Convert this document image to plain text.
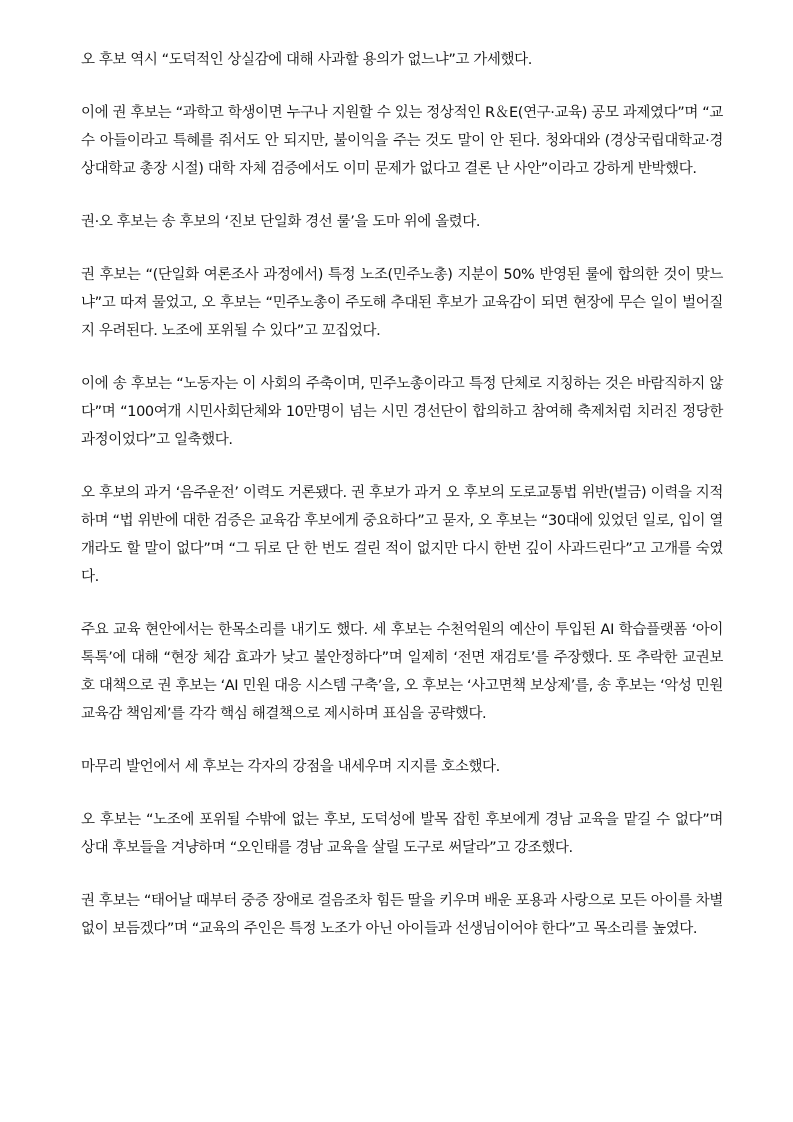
오 후보 역시 “도덕적인 상실감에 대해 사과할 용의가 없느냐”고 가세했다.

이에 권 후보는 “과학고 학생이면 누구나 지원할 수 있는 정상적인 R＆E(연구·교육) 공모 과제였다”며 “교수 아들이라고 특혜를 줘서도 안 되지만, 불이익을 주는 것도 말이 안 된다. 청와대와 (경상국립대학교·경상대학교 총장 시절) 대학 자체 검증에서도 이미 문제가 없다고 결론 난 사안”이라고 강하게 반박했다.

권·오 후보는 송 후보의 ‘진보 단일화 경선 룰’을 도마 위에 올렸다.

권 후보는 “(단일화 여론조사 과정에서) 특정 노조(민주노총) 지분이 50% 반영된 룰에 합의한 것이 맞느냐”고 따져 물었고, 오 후보는 “민주노총이 주도해 추대된 후보가 교육감이 되면 현장에 무슨 일이 벌어질지 우려된다. 노조에 포위될 수 있다”고 꼬집었다.

이에 송 후보는 “노동자는 이 사회의 주축이며, 민주노총이라고 특정 단체로 지칭하는 것은 바람직하지 않다”며 “100여개 시민사회단체와 10만명이 넘는 시민 경선단이 합의하고 참여해 축제처럼 치러진 정당한 과정이었다”고 일축했다.

오 후보의 과거 ‘음주운전’ 이력도 거론됐다. 권 후보가 과거 오 후보의 도로교통법 위반(벌금) 이력을 지적하며 “법 위반에 대한 검증은 교육감 후보에게 중요하다”고 묻자, 오 후보는 “30대에 있었던 일로, 입이 열 개라도 할 말이 없다”며 “그 뒤로 단 한 번도 걸린 적이 없지만 다시 한번 깊이 사과드린다”고 고개를 숙였다.

주요 교육 현안에서는 한목소리를 내기도 했다. 세 후보는 수천억원의 예산이 투입된 AI 학습플랫폼 ‘아이톡톡’에 대해 “현장 체감 효과가 낮고 불안정하다”며 일제히 ‘전면 재검토’를 주장했다. 또 추락한 교권보호 대책으로 권 후보는 ‘AI 민원 대응 시스템 구축’을, 오 후보는 ‘사고면책 보상제’를, 송 후보는 ‘악성 민원 교육감 책임제’를 각각 핵심 해결책으로 제시하며 표심을 공략했다.

마무리 발언에서 세 후보는 각자의 강점을 내세우며 지지를 호소했다.

오 후보는 “노조에 포위될 수밖에 없는 후보, 도덕성에 발목 잡힌 후보에게 경남 교육을 맡길 수 없다”며 상대 후보들을 겨냥하며 “오인태를 경남 교육을 살릴 도구로 써달라”고 강조했다.

권 후보는 “태어날 때부터 중증 장애로 걸음조차 힘든 딸을 키우며 배운 포용과 사랑으로 모든 아이를 차별 없이 보듬겠다”며 “교육의 주인은 특정 노조가 아닌 아이들과 선생님이어야 한다”고 목소리를 높였다.
